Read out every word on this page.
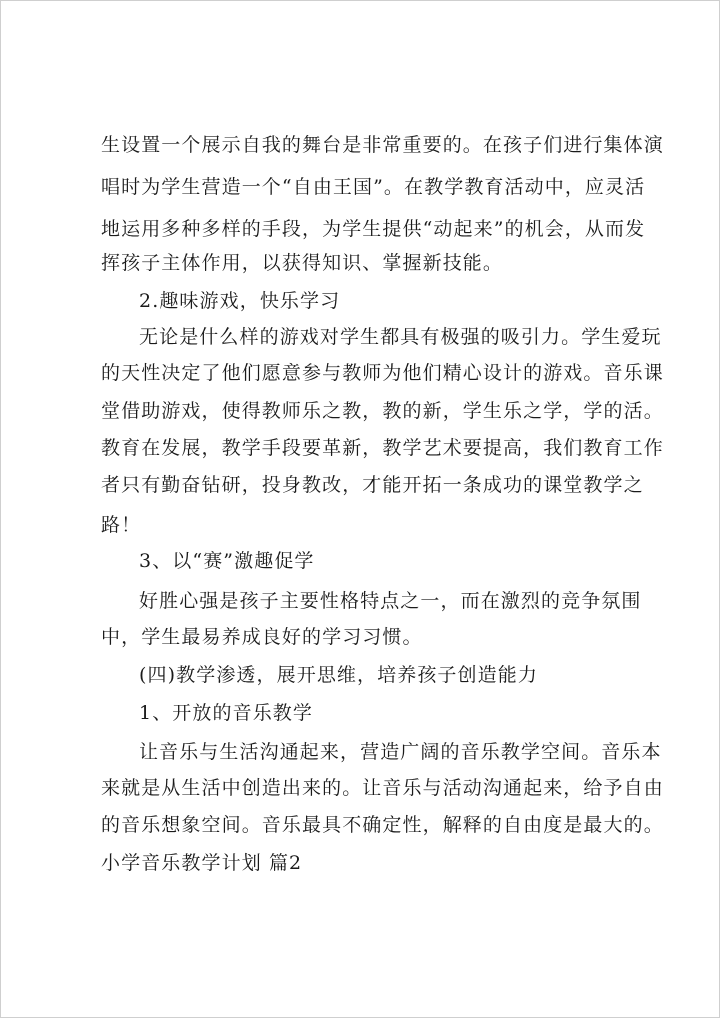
生设置一个展示自我的舞台是非常重要的。在孩子们进行集体演
唱时为学生营造一个“自由王国”。在教学教育活动中，应灵活
地运用多种多样的手段，为学生提供“动起来”的机会，从而发
挥孩子主体作用，以获得知识、掌握新技能。
2.趣味游戏，快乐学习
无论是什么样的游戏对学生都具有极强的吸引力。学生爱玩
的天性决定了他们愿意参与教师为他们精心设计的游戏。音乐课
堂借助游戏，使得教师乐之教，教的新，学生乐之学，学的活。
教育在发展，教学手段要革新，教学艺术要提高，我们教育工作
者只有勤奋钻研，投身教改，才能开拓一条成功的课堂教学之
路！
3、以“赛”激趣促学
好胜心强是孩子主要性格特点之一，而在激烈的竞争氛围
中，学生最易养成良好的学习习惯。
(四)教学渗透，展开思维，培养孩子创造能力
1、开放的音乐教学
让音乐与生活沟通起来，营造广阔的音乐教学空间。音乐本
来就是从生活中创造出来的。让音乐与活动沟通起来，给予自由
的音乐想象空间。音乐最具不确定性，解释的自由度是最大的。
小学音乐教学计划 篇2
